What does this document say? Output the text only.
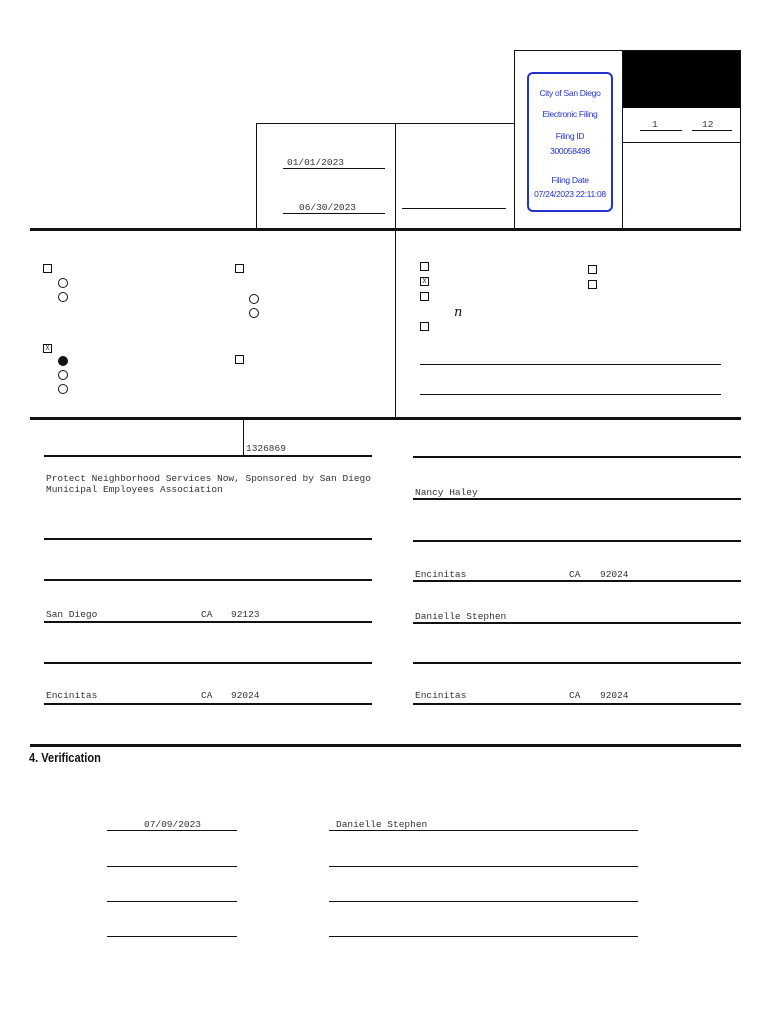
01/01/2023
06/30/2023
1	12
City of San Diego
Electronic Filing
Filing ID
300058498
Filing Date
07/24/2023 22:11:08
X
X
n
1326869
Protect Neighborhood Services Now, Sponsored by San Diego Municipal Employees Association
San Diego	CA 92123
Encinitas	CA 92024
Nancy Haley
Encinitas	CA 92024
Danielle Stephen
Encinitas	CA 92024
4. Verification
07/09/2023	Danielle Stephen
